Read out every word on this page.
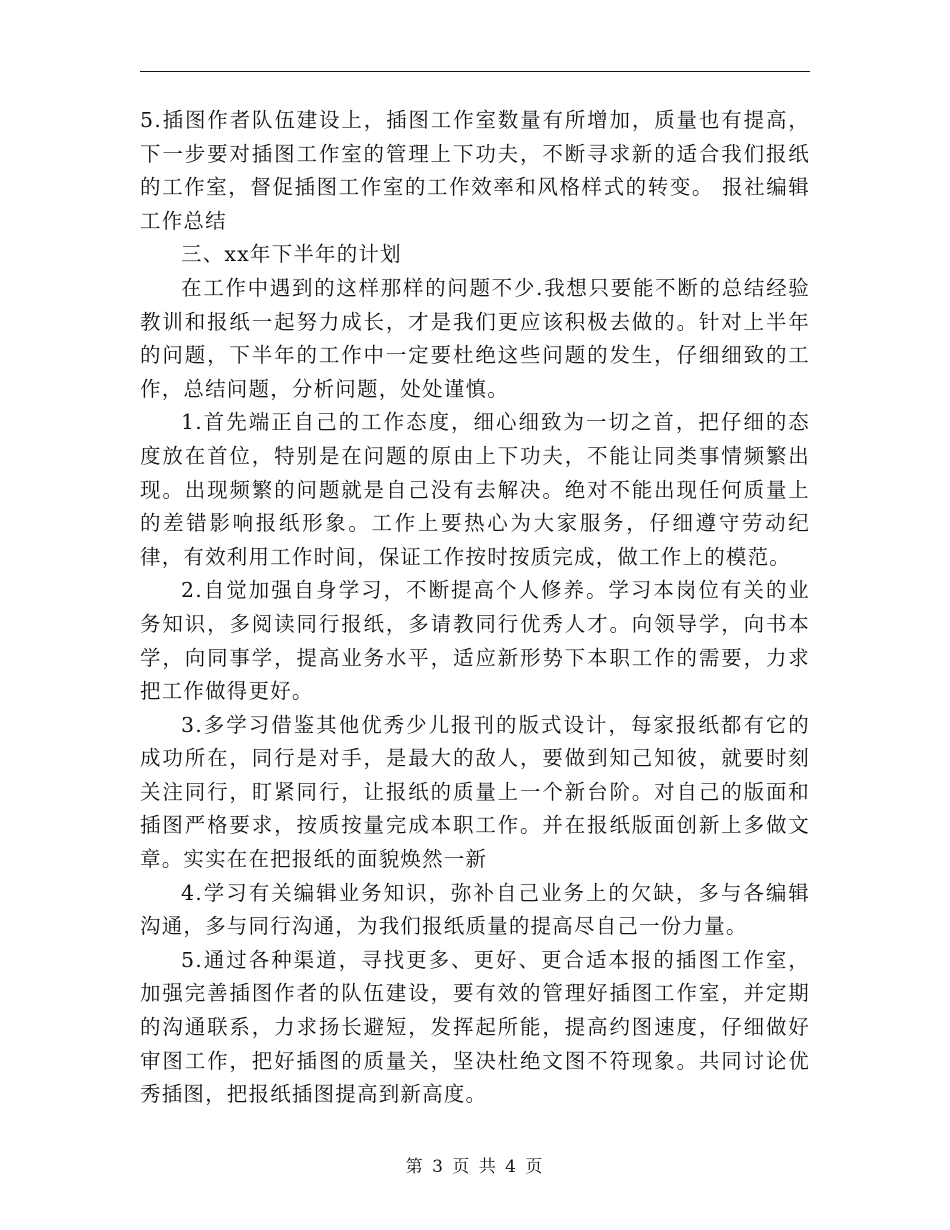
5.插图作者队伍建设上，插图工作室数量有所增加，质量也有提高，下一步要对插图工作室的管理上下功夫，不断寻求新的适合我们报纸的工作室，督促插图工作室的工作效率和风格样式的转变。 报社编辑工作总结

三、xx年下半年的计划

在工作中遇到的这样那样的问题不少.我想只要能不断的总结经验教训和报纸一起努力成长，才是我们更应该积极去做的。针对上半年的问题，下半年的工作中一定要杜绝这些问题的发生，仔细细致的工作，总结问题，分析问题，处处谨慎。

1.首先端正自己的工作态度，细心细致为一切之首，把仔细的态度放在首位，特别是在问题的原由上下功夫，不能让同类事情频繁出现。出现频繁的问题就是自己没有去解决。绝对不能出现任何质量上的差错影响报纸形象。工作上要热心为大家服务，仔细遵守劳动纪律，有效利用工作时间，保证工作按时按质完成，做工作上的模范。

2.自觉加强自身学习，不断提高个人修养。学习本岗位有关的业务知识，多阅读同行报纸，多请教同行优秀人才。向领导学，向书本学，向同事学，提高业务水平，适应新形势下本职工作的需要，力求把工作做得更好。

3.多学习借鉴其他优秀少儿报刊的版式设计，每家报纸都有它的成功所在，同行是对手，是最大的敌人，要做到知己知彼，就要时刻关注同行，盯紧同行，让报纸的质量上一个新台阶。对自己的版面和插图严格要求，按质按量完成本职工作。并在报纸版面创新上多做文章。实实在在把报纸的面貌焕然一新

4.学习有关编辑业务知识，弥补自己业务上的欠缺，多与各编辑沟通，多与同行沟通，为我们报纸质量的提高尽自己一份力量。

5.通过各种渠道，寻找更多、更好、更合适本报的插图工作室，加强完善插图作者的队伍建设，要有效的管理好插图工作室，并定期的沟通联系，力求扬长避短，发挥起所能，提高约图速度，仔细做好审图工作，把好插图的质量关，坚决杜绝文图不符现象。共同讨论优秀插图，把报纸插图提高到新高度。

第 3 页 共 4 页
